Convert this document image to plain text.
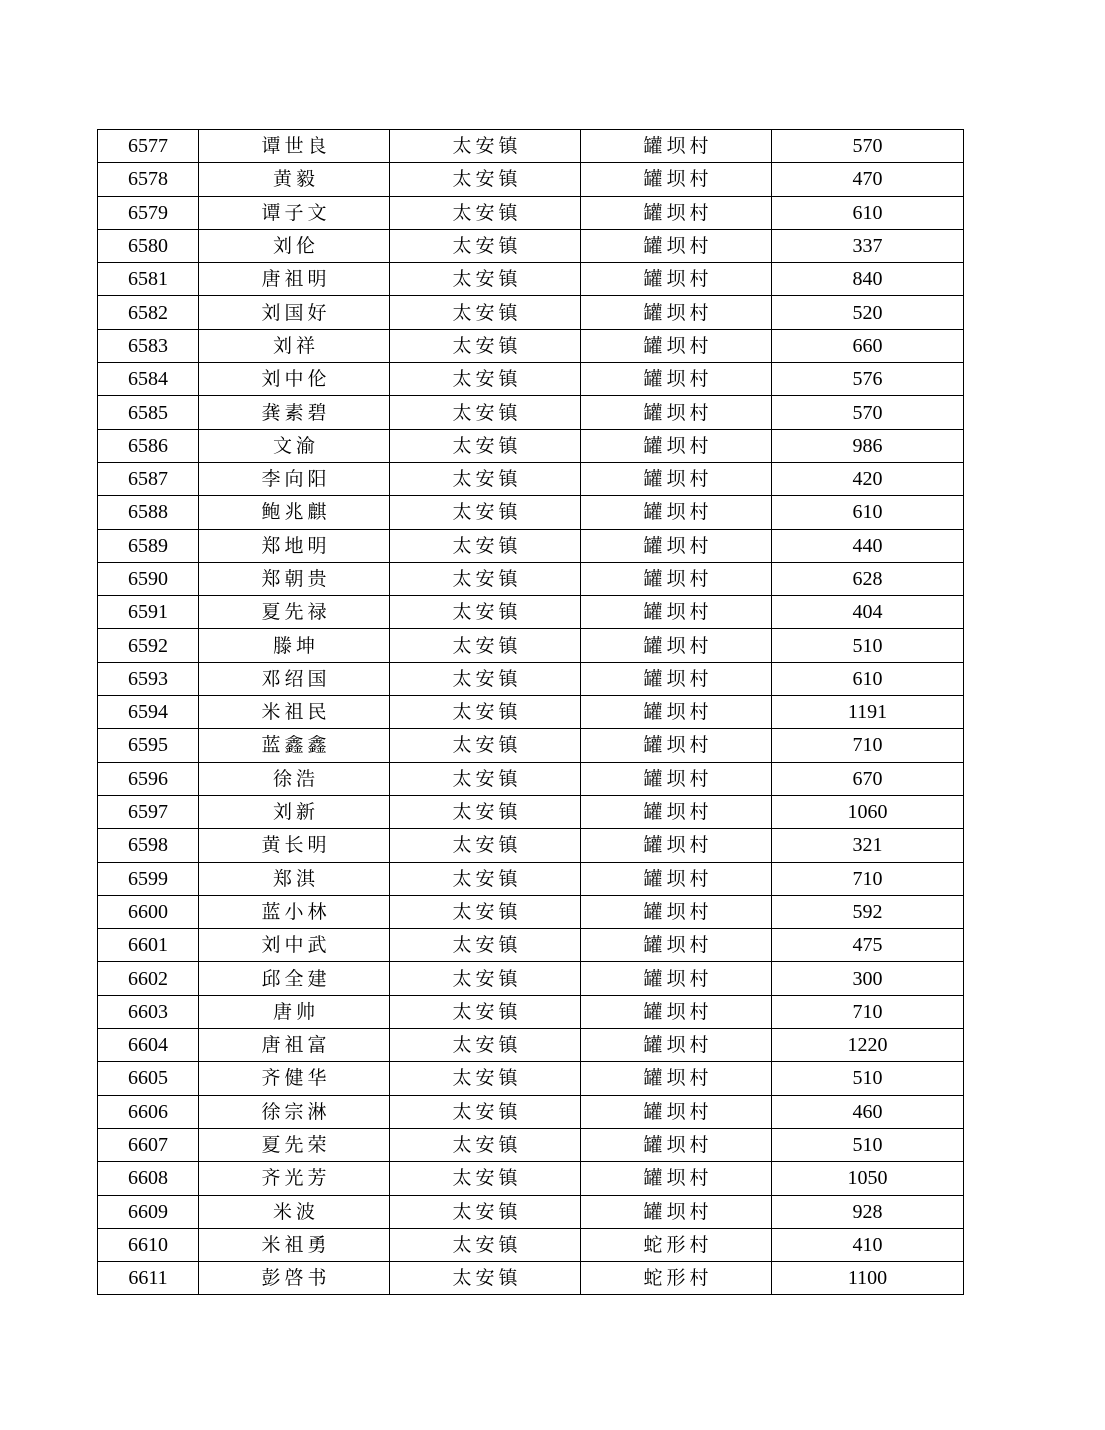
6577	谭世良	太安镇	罐坝村	570
6578	黄毅	太安镇	罐坝村	470
6579	谭子文	太安镇	罐坝村	610
6580	刘伦	太安镇	罐坝村	337
6581	唐祖明	太安镇	罐坝村	840
6582	刘国好	太安镇	罐坝村	520
6583	刘祥	太安镇	罐坝村	660
6584	刘中伦	太安镇	罐坝村	576
6585	龚素碧	太安镇	罐坝村	570
6586	文渝	太安镇	罐坝村	986
6587	李向阳	太安镇	罐坝村	420
6588	鲍兆麒	太安镇	罐坝村	610
6589	郑地明	太安镇	罐坝村	440
6590	郑朝贵	太安镇	罐坝村	628
6591	夏先禄	太安镇	罐坝村	404
6592	滕坤	太安镇	罐坝村	510
6593	邓绍国	太安镇	罐坝村	610
6594	米祖民	太安镇	罐坝村	1191
6595	蓝鑫鑫	太安镇	罐坝村	710
6596	徐浩	太安镇	罐坝村	670
6597	刘新	太安镇	罐坝村	1060
6598	黄长明	太安镇	罐坝村	321
6599	郑淇	太安镇	罐坝村	710
6600	蓝小林	太安镇	罐坝村	592
6601	刘中武	太安镇	罐坝村	475
6602	邱全建	太安镇	罐坝村	300
6603	唐帅	太安镇	罐坝村	710
6604	唐祖富	太安镇	罐坝村	1220
6605	齐健华	太安镇	罐坝村	510
6606	徐宗淋	太安镇	罐坝村	460
6607	夏先荣	太安镇	罐坝村	510
6608	齐光芳	太安镇	罐坝村	1050
6609	米波	太安镇	罐坝村	928
6610	米祖勇	太安镇	蛇形村	410
6611	彭啓书	太安镇	蛇形村	1100
